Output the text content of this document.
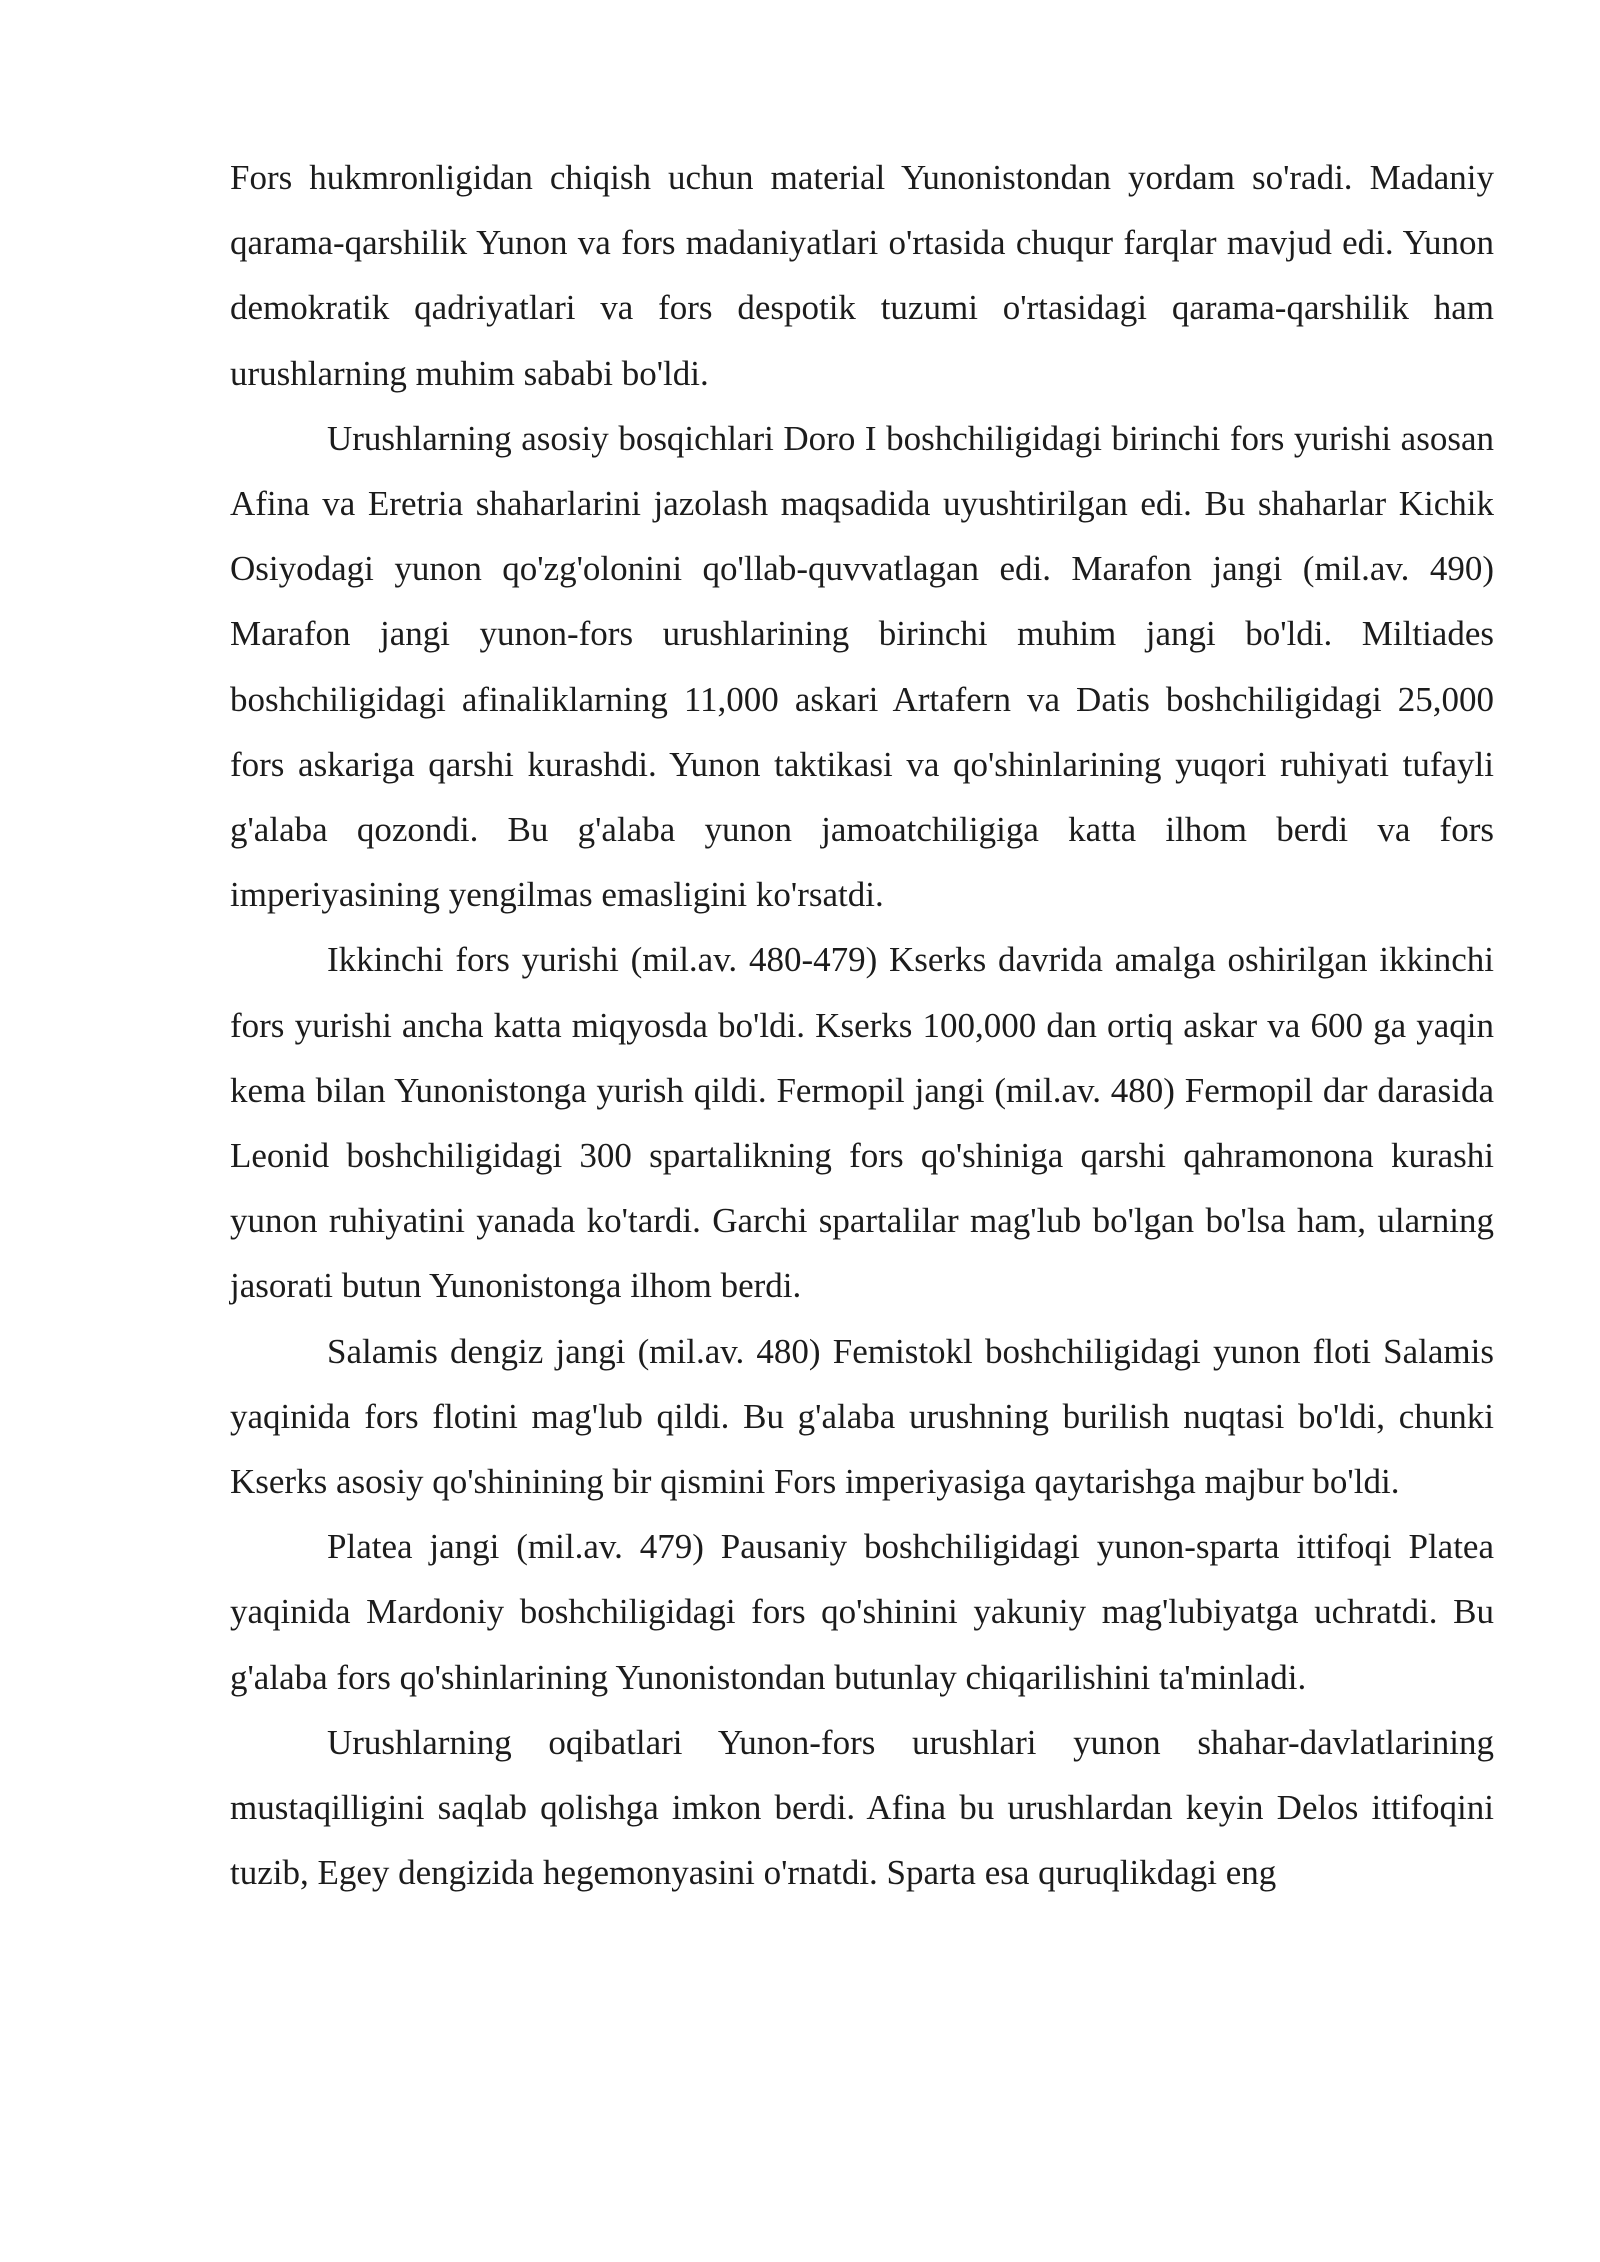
Fors hukmronligidan chiqish uchun material Yunonistondan yordam so'radi. Madaniy qarama-qarshilik Yunon va fors madaniyatlari o'rtasida chuqur farqlar mavjud edi. Yunon demokratik qadriyatlari va fors despotik tuzumi o'rtasidagi qarama-qarshilik ham urushlarning muhim sababi bo'ldi.

Urushlarning asosiy bosqichlari Doro I boshchiligidagi birinchi fors yurishi asosan Afina va Eretria shaharlarini jazolash maqsadida uyushtirilgan edi. Bu shaharlar Kichik Osiyodagi yunon qo'zg'olonini qo'llab-quvvatlagan edi. Marafon jangi (mil.av. 490) Marafon jangi yunon-fors urushlarining birinchi muhim jangi bo'ldi. Miltiades boshchiligidagi afinaliklarning 11,000 askari Artafern va Datis boshchiligidagi 25,000 fors askariga qarshi kurashdi. Yunon taktikasi va qo'shinlarining yuqori ruhiyati tufayli g'alaba qozondi. Bu g'alaba yunon jamoatchiligiga katta ilhom berdi va fors imperiyasining yengilmas emasligini ko'rsatdi.

Ikkinchi fors yurishi (mil.av. 480-479) Kserks davrida amalga oshirilgan ikkinchi fors yurishi ancha katta miqyosda bo'ldi. Kserks 100,000 dan ortiq askar va 600 ga yaqin kema bilan Yunonistonga yurish qildi. Fermopil jangi (mil.av. 480) Fermopil dar darasida Leonid boshchiligidagi 300 spartalikning fors qo'shiniga qarshi qahramonona kurashi yunon ruhiyatini yanada ko'tardi. Garchi spartalilar mag'lub bo'lgan bo'lsa ham, ularning jasorati butun Yunonistonga ilhom berdi.

Salamis dengiz jangi (mil.av. 480) Femistokl boshchiligidagi yunon floti Salamis yaqinida fors flotini mag'lub qildi. Bu g'alaba urushning burilish nuqtasi bo'ldi, chunki Kserks asosiy qo'shinining bir qismini Fors imperiyasiga qaytarishga majbur bo'ldi.

Platea jangi (mil.av. 479) Pausaniy boshchiligidagi yunon-sparta ittifoqi Platea yaqinida Mardoniy boshchiligidagi fors qo'shinini yakuniy mag'lubiyatga uchratdi. Bu g'alaba fors qo'shinlarining Yunonistondan butunlay chiqarilishini ta'minladi.

Urushlarning oqibatlari Yunon-fors urushlari yunon shahar-davlatlarining mustaqilligini saqlab qolishga imkon berdi. Afina bu urushlardan keyin Delos ittifoqini tuzib, Egey dengizida hegemonyasini o'rnatdi. Sparta esa quruqlikdagi eng
